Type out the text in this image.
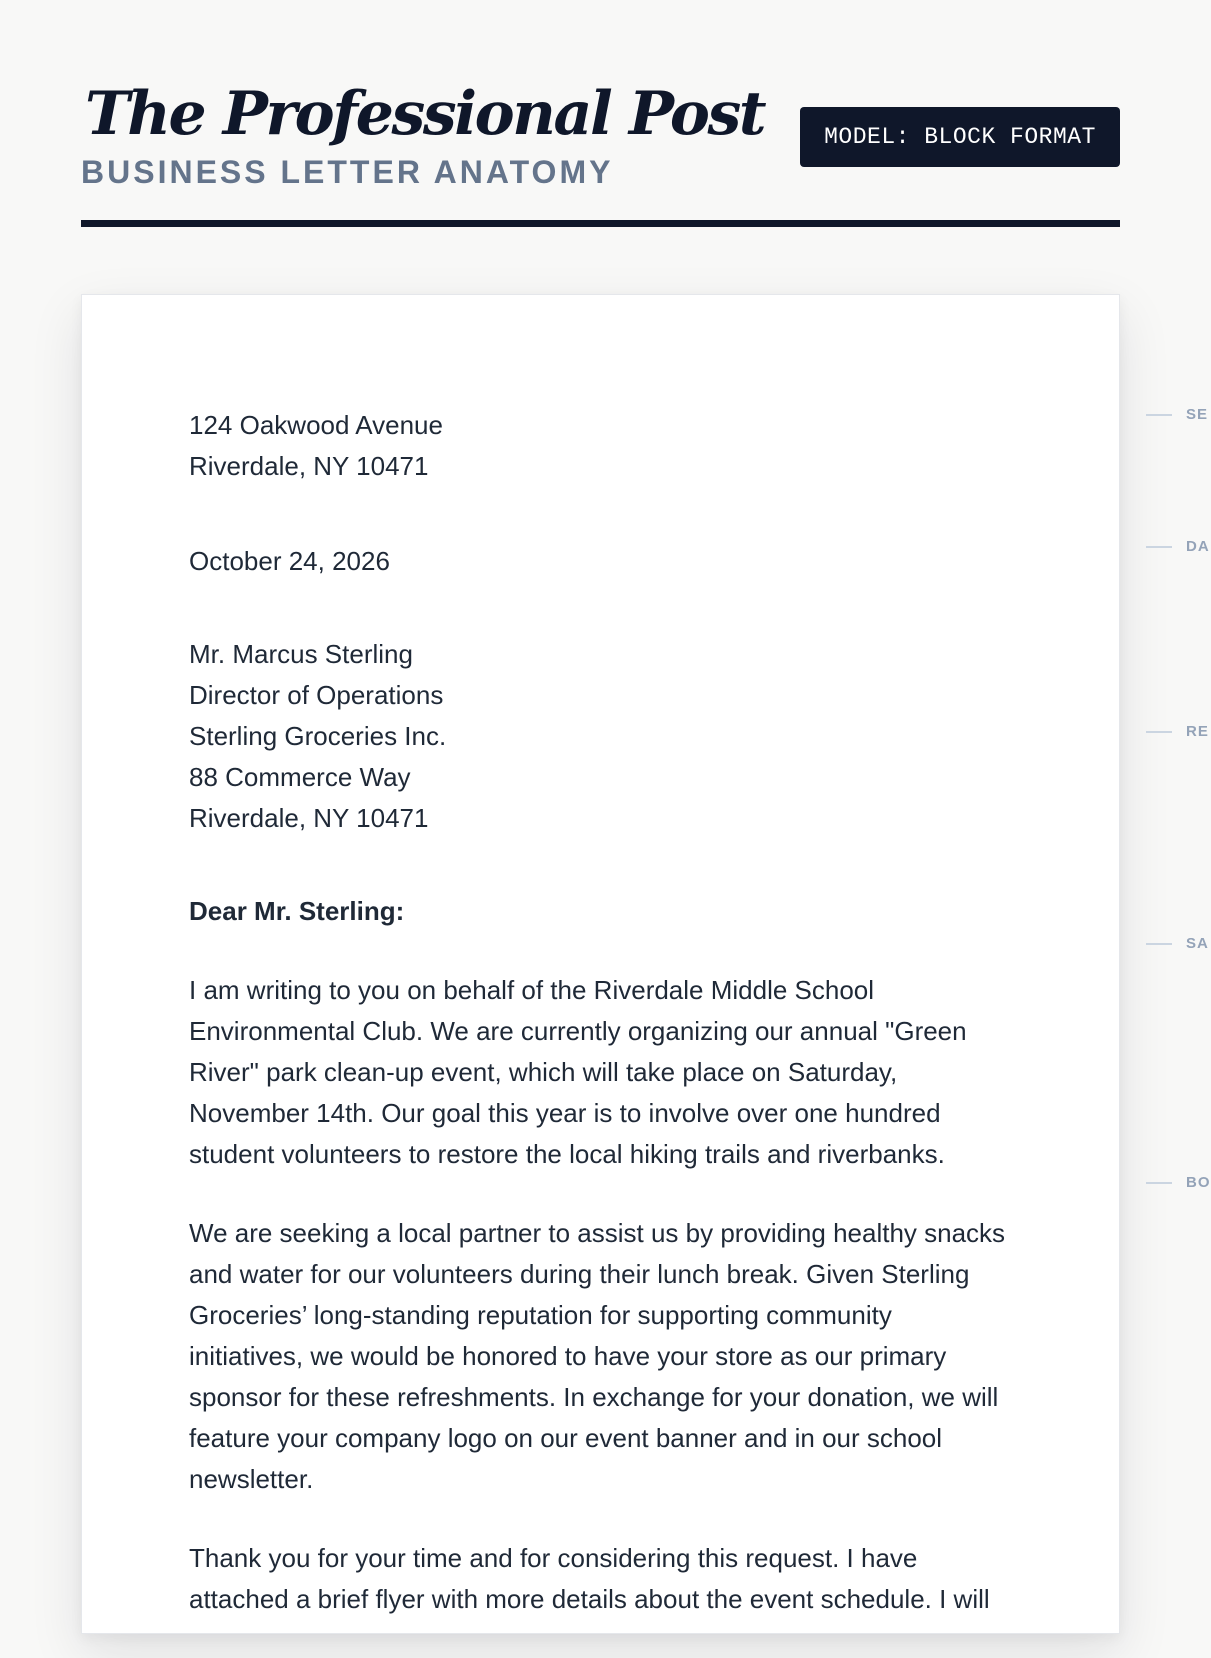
The Professional Post
BUSINESS LETTER ANATOMY
MODEL: BLOCK FORMAT
124 Oakwood Avenue
Riverdale, NY 10471
October 24, 2026
Mr. Marcus Sterling
Director of Operations
Sterling Groceries Inc.
88 Commerce Way
Riverdale, NY 10471
Dear Mr. Sterling:

I am writing to you on behalf of the Riverdale Middle School
Environmental Club. We are currently organizing our annual "Green
River" park clean-up event, which will take place on Saturday,
November 14th. Our goal this year is to involve over one hundred
student volunteers to restore the local hiking trails and riverbanks.

We are seeking a local partner to assist us by providing healthy snacks
and water for our volunteers during their lunch break. Given Sterling
Groceries’ long-standing reputation for supporting community
initiatives, we would be honored to have your store as our primary
sponsor for these refreshments. In exchange for your donation, we will
feature your company logo on our event banner and in our school
newsletter.

Thank you for your time and for considering this request. I have
attached a brief flyer with more details about the event schedule. I will

SE
DA
RE
SA
BO
